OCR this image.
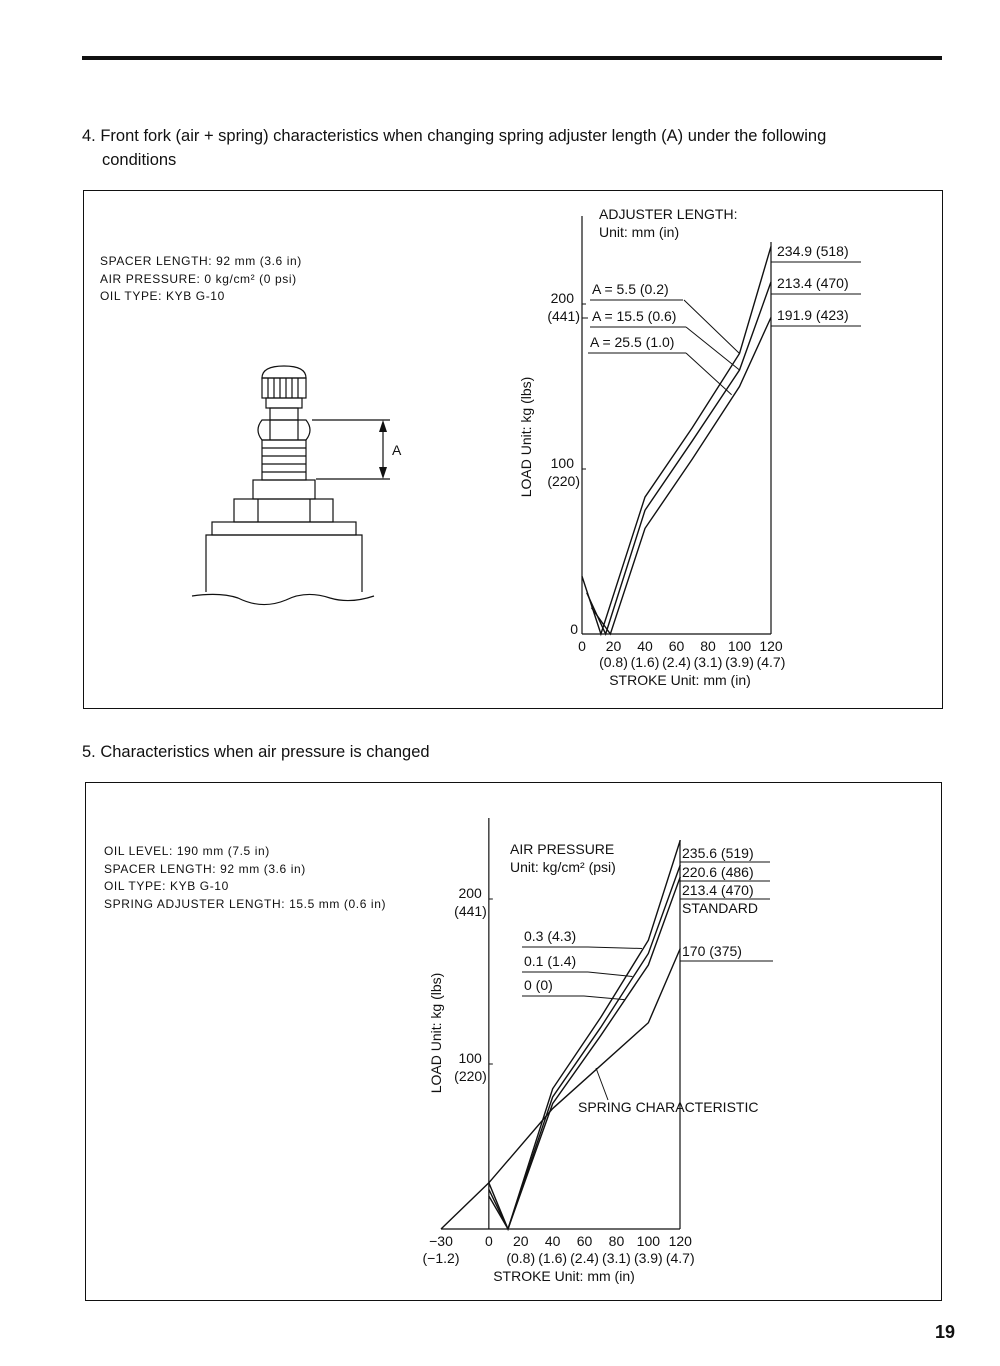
4. Front fork (air + spring) characteristics when changing spring adjuster length (A) under the following
conditions
SPACER LENGTH: 92 mm (3.6 in)
AIR PRESSURE: 0 kg/cm² (0 psi)
OIL TYPE: KYB G-10
A
0
100
(220)
200
(441)
0 20 40 60 80 100 120
(0.8) (1.6) (2.4) (3.1) (3.9) (4.7)
STROKE Unit: mm (in)
LOAD Unit: kg (lbs)
ADJUSTER LENGTH:
Unit: mm (in)
234.9 (518)
213.4 (470)
191.9 (423)
A = 5.5 (0.2)
A = 15.5 (0.6)
A = 25.5 (1.0)
5. Characteristics when air pressure is changed
OIL LEVEL: 190 mm (7.5 in)
SPACER LENGTH: 92 mm (3.6 in)
OIL TYPE: KYB G-10
SPRING ADJUSTER LENGTH: 15.5 mm (0.6 in)
100
(220)
200
(441)
−30 0 20 40 60 80 100 120
(−1.2)	(0.8) (1.6) (2.4) (3.1) (3.9) (4.7)
STROKE Unit: mm (in)
LOAD Unit: kg (lbs)
AIR PRESSURE
Unit: kg/cm² (psi)
235.6 (519)
220.6 (486)
213.4 (470)
STANDARD
170 (375)
0.3 (4.3)
0.1 (1.4)
0 (0)
SPRING CHARACTERISTIC
19
